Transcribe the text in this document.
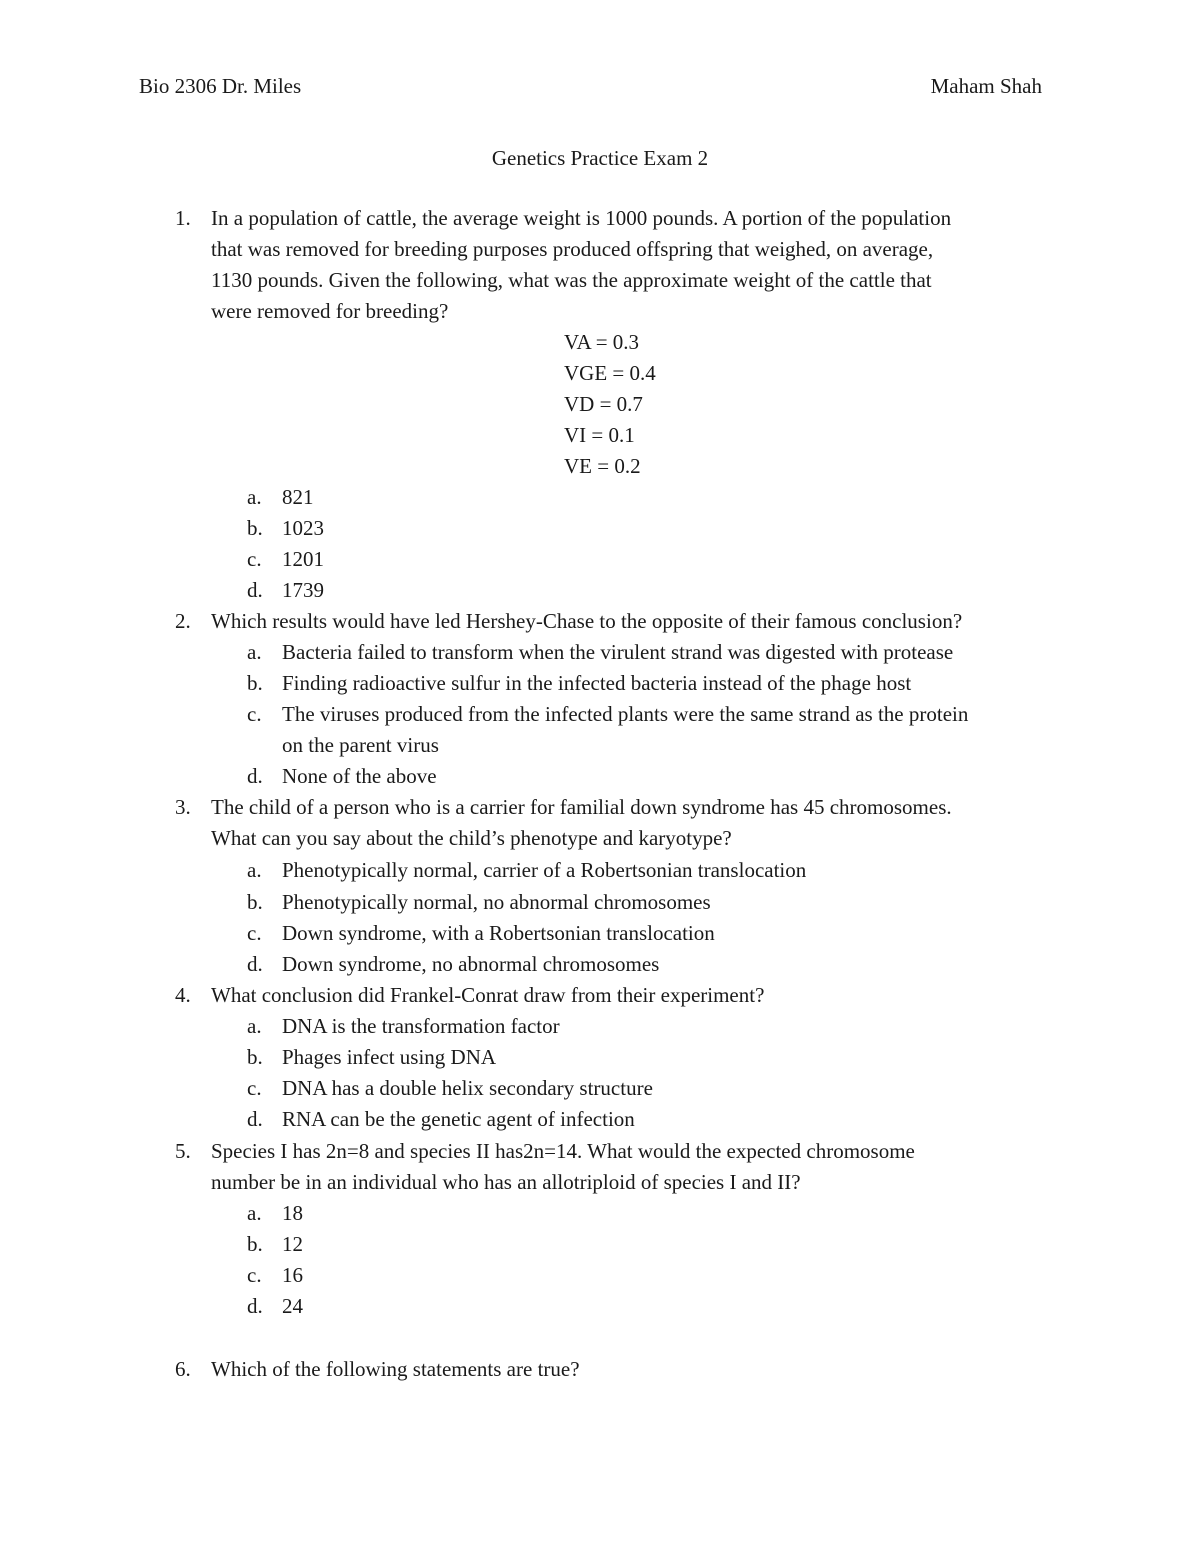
Bio 2306 Dr. Miles	Maham Shah
Genetics Practice Exam 2
1. In a population of cattle, the average weight is 1000 pounds. A portion of the population
that was removed for breeding purposes produced offspring that weighed, on average,
1130 pounds. Given the following, what was the approximate weight of the cattle that
were removed for breeding?
VA = 0.3
VGE = 0.4
VD = 0.7
VI = 0.1
VE = 0.2
a. 821
b. 1023
c. 1201
d. 1739
2. Which results would have led Hershey-Chase to the opposite of their famous conclusion?
a. Bacteria failed to transform when the virulent strand was digested with protease
b. Finding radioactive sulfur in the infected bacteria instead of the phage host
c. The viruses produced from the infected plants were the same strand as the protein
on the parent virus
d. None of the above
3. The child of a person who is a carrier for familial down syndrome has 45 chromosomes.
What can you say about the child’s phenotype and karyotype?
a. Phenotypically normal, carrier of a Robertsonian translocation
b. Phenotypically normal, no abnormal chromosomes
c. Down syndrome, with a Robertsonian translocation
d. Down syndrome, no abnormal chromosomes
4. What conclusion did Frankel-Conrat draw from their experiment?
a. DNA is the transformation factor
b. Phages infect using DNA
c. DNA has a double helix secondary structure
d. RNA can be the genetic agent of infection
5. Species I has 2n=8 and species II has2n=14. What would the expected chromosome
number be in an individual who has an allotriploid of species I and II?
a. 18
b. 12
c. 16
d. 24
6. Which of the following statements are true?
